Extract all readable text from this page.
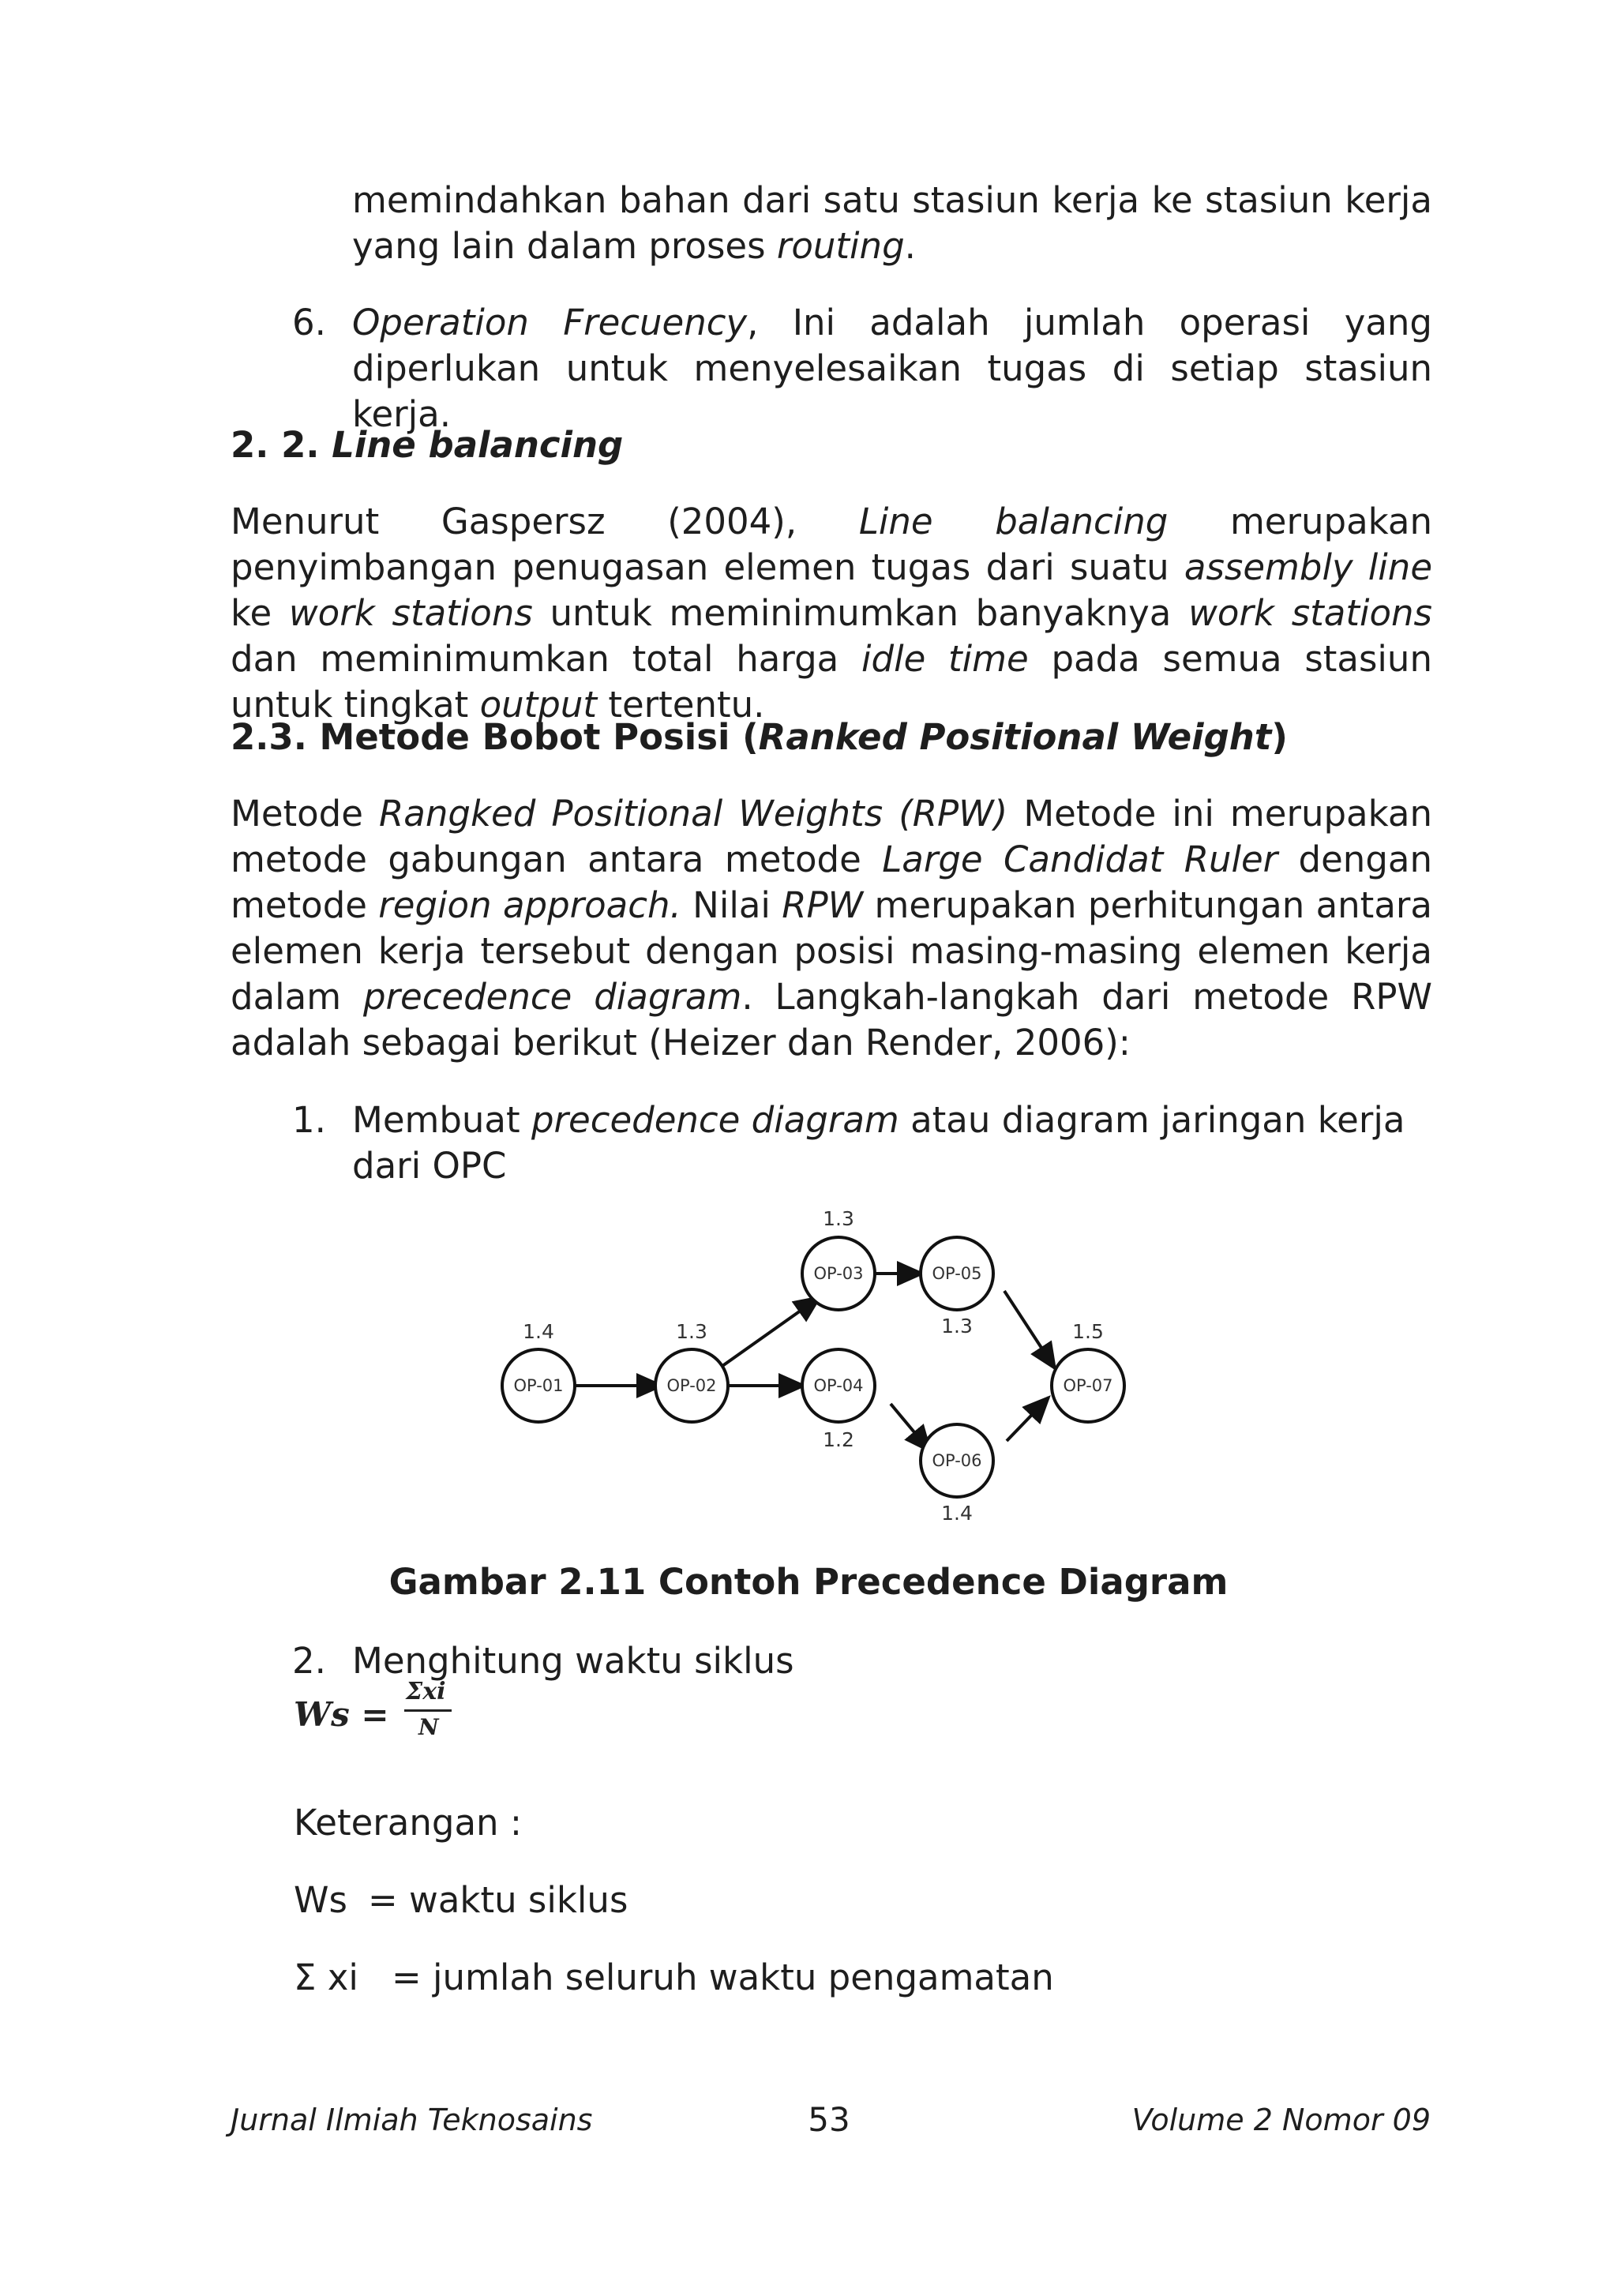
memindahkan bahan dari satu stasiun kerja ke stasiun kerja yang lain dalam proses routing.
6. Operation Frecuency, Ini adalah jumlah operasi yang diperlukan untuk menyelesaikan tugas di setiap stasiun kerja.
2. 2. Line balancing
Menurut Gaspersz (2004), Line balancing merupakan penyimbangan penugasan elemen tugas dari suatu assembly line ke work stations untuk meminimumkan banyaknya work stations dan meminimumkan total harga idle time pada semua stasiun untuk tingkat output tertentu.
2.3. Metode Bobot Posisi (Ranked Positional Weight)
Metode Rangked Positional Weights (RPW) Metode ini merupakan metode gabungan antara metode Large Candidat Ruler dengan metode region approach. Nilai RPW merupakan perhitungan antara elemen kerja tersebut dengan posisi masing-masing elemen kerja dalam precedence diagram. Langkah-langkah dari metode RPW adalah sebagai berikut (Heizer dan Render, 2006):
1. Membuat precedence diagram atau diagram jaringan kerja dari OPC
OP-01	OP-02
OP-03
OP-04
OP-05
OP-06
OP-07
1.4	1.3
1.3
1.2
1.3
1.4
1.5
Gambar 2.11 Contoh Precedence Diagram
2. Menghitung waktu siklus
Ws =
Σxi
N
Keterangan :
Ws = waktu siklus
Σ xi = jumlah seluruh waktu pengamatan
Jurnal Ilmiah Teknosains	53	Volume 2 Nomor 09
